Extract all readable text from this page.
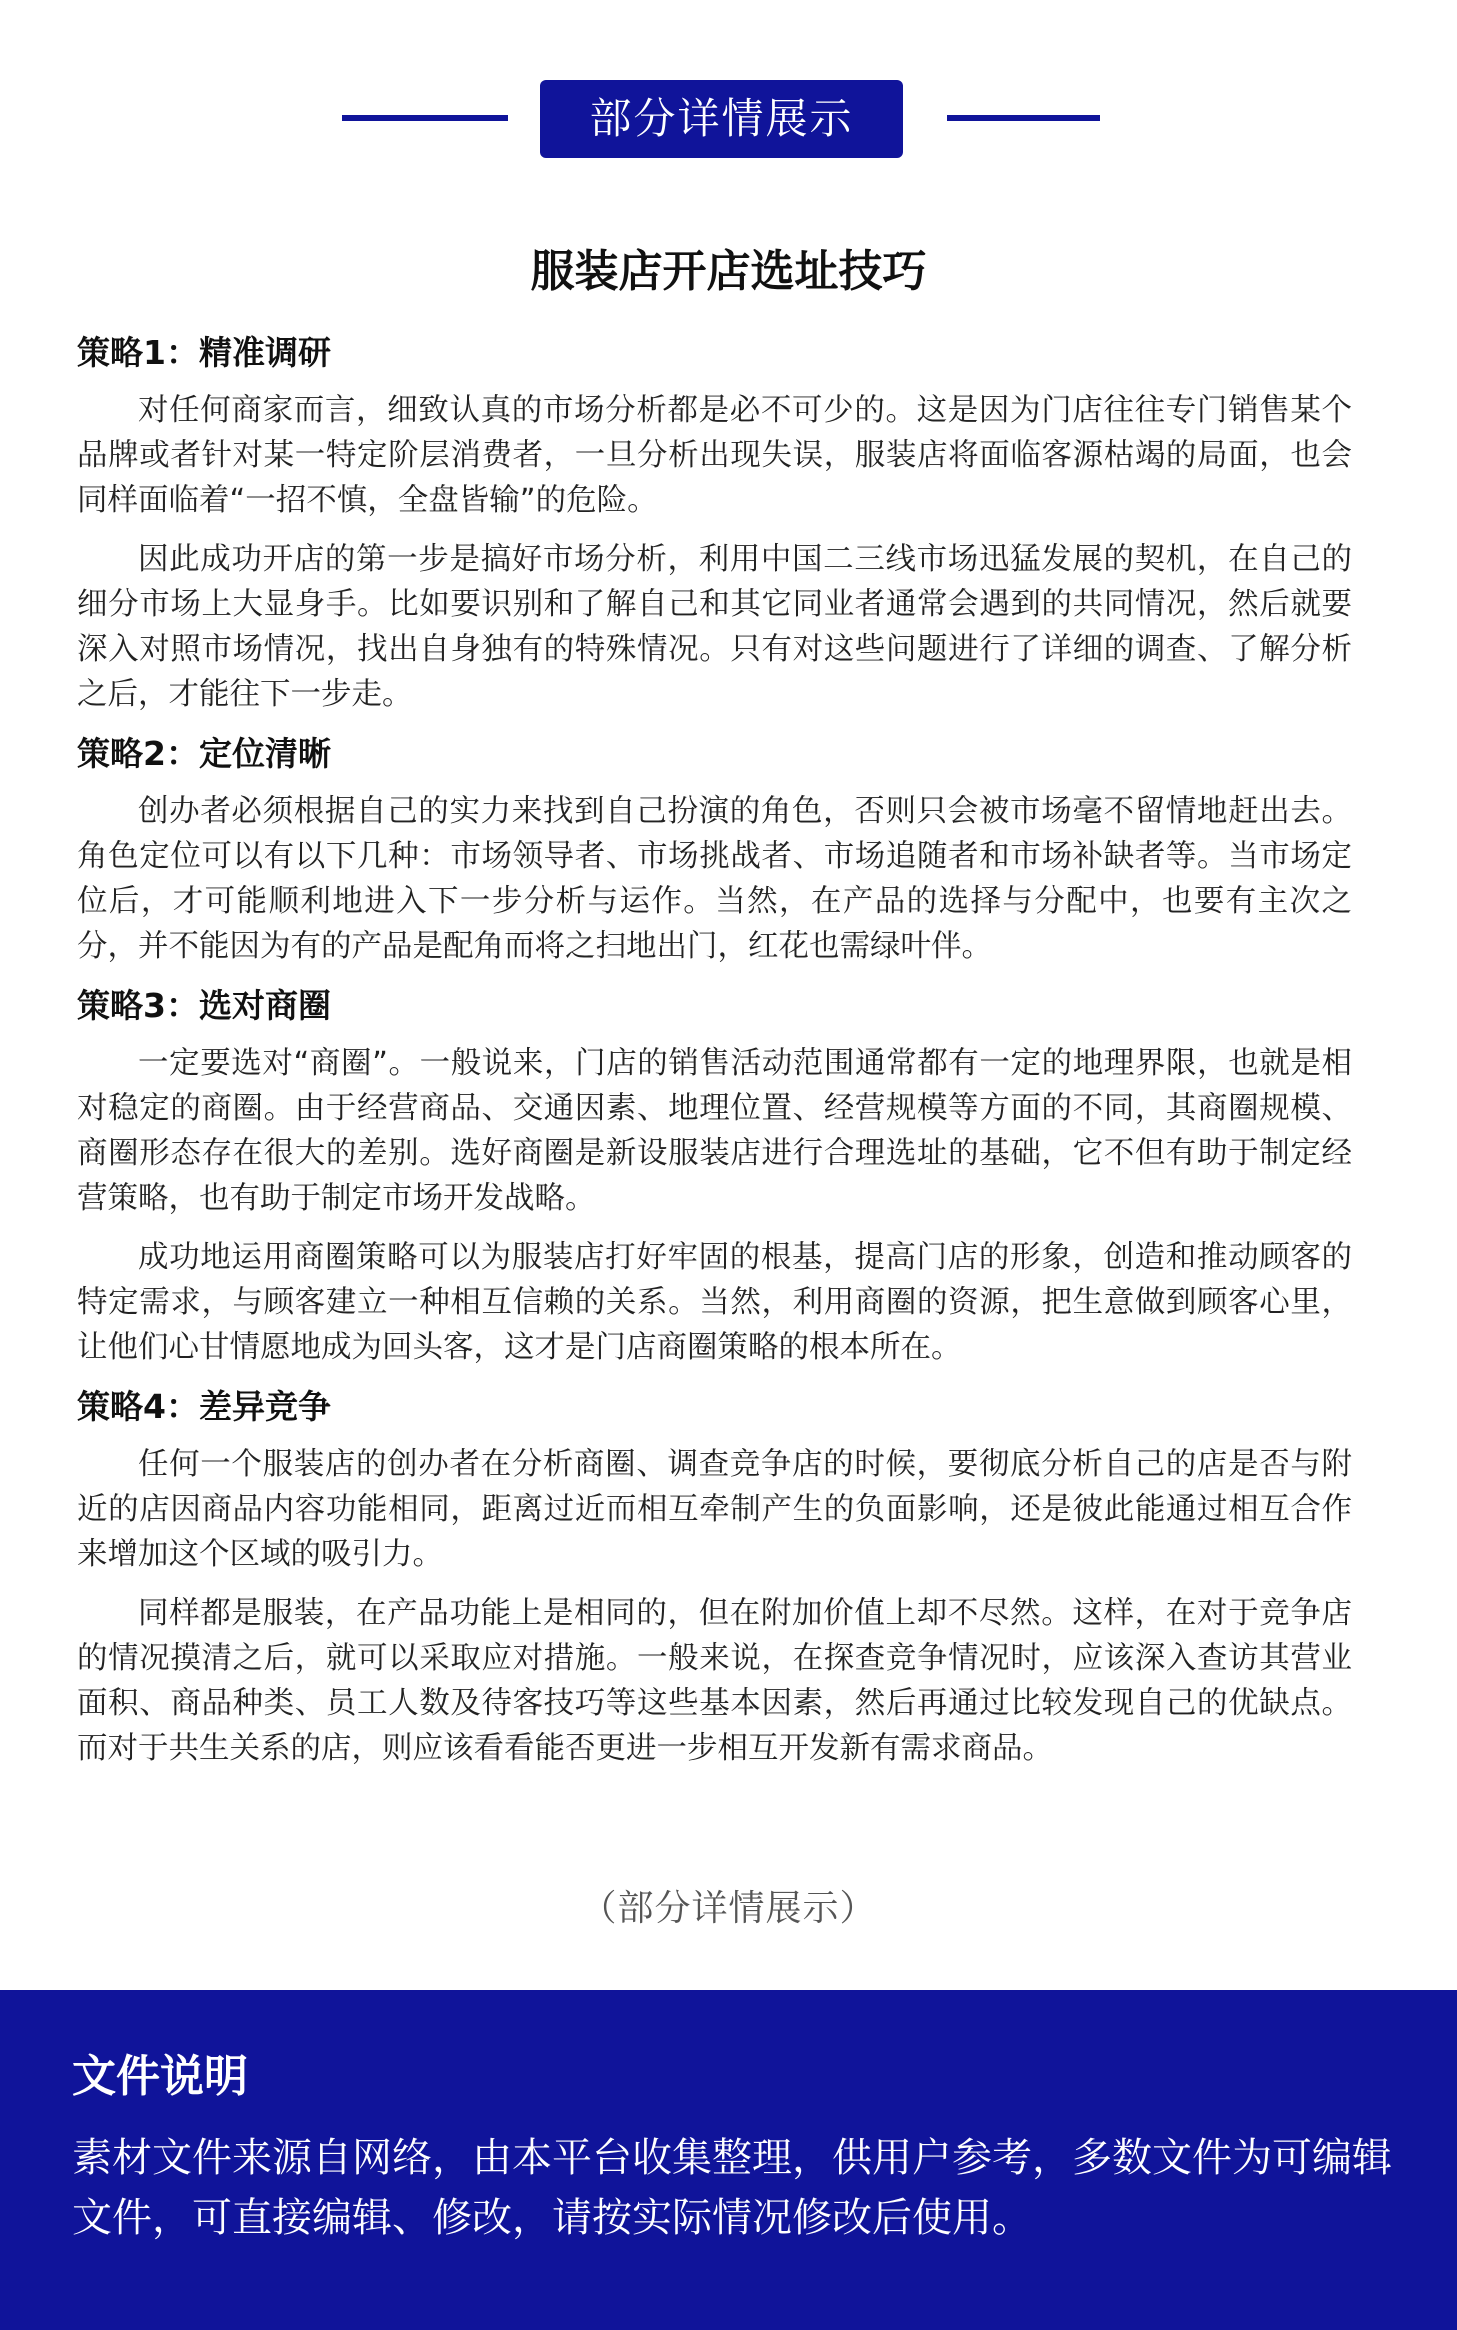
部分详情展示
服装店开店选址技巧
策略1：精准调研

对任何商家而言，细致认真的市场分析都是必不可少的。这是因为门店往往专门销售某个品牌或者针对某一特定阶层消费者，一旦分析出现失误，服装店将面临客源枯竭的局面，也会同样面临着“一招不慎，全盘皆输”的危险。

因此成功开店的第一步是搞好市场分析，利用中国二三线市场迅猛发展的契机，在自己的细分市场上大显身手。比如要识别和了解自己和其它同业者通常会遇到的共同情况，然后就要深入对照市场情况，找出自身独有的特殊情况。只有对这些问题进行了详细的调查、了解分析之后，才能往下一步走。

策略2：定位清晰

创办者必须根据自己的实力来找到自己扮演的角色，否则只会被市场毫不留情地赶出去。角色定位可以有以下几种：市场领导者、市场挑战者、市场追随者和市场补缺者等。当市场定位后，才可能顺利地进入下一步分析与运作。当然，在产品的选择与分配中，也要有主次之分，并不能因为有的产品是配角而将之扫地出门，红花也需绿叶伴。

策略3：选对商圈

一定要选对“商圈”。一般说来，门店的销售活动范围通常都有一定的地理界限，也就是相对稳定的商圈。由于经营商品、交通因素、地理位置、经营规模等方面的不同，其商圈规模、商圈形态存在很大的差别。选好商圈是新设服装店进行合理选址的基础，它不但有助于制定经营策略，也有助于制定市场开发战略。

成功地运用商圈策略可以为服装店打好牢固的根基，提高门店的形象，创造和推动顾客的特定需求，与顾客建立一种相互信赖的关系。当然，利用商圈的资源，把生意做到顾客心里，让他们心甘情愿地成为回头客，这才是门店商圈策略的根本所在。

策略4：差异竞争

任何一个服装店的创办者在分析商圈、调查竞争店的时候，要彻底分析自己的店是否与附近的店因商品内容功能相同，距离过近而相互牵制产生的负面影响，还是彼此能通过相互合作来增加这个区域的吸引力。

同样都是服装，在产品功能上是相同的，但在附加价值上却不尽然。这样，在对于竞争店的情况摸清之后，就可以采取应对措施。一般来说，在探查竞争情况时，应该深入查访其营业面积、商品种类、员工人数及待客技巧等这些基本因素，然后再通过比较发现自己的优缺点。而对于共生关系的店，则应该看看能否更进一步相互开发新有需求商品。

（部分详情展示）
文件说明
素材文件来源自网络，由本平台收集整理，供用户参考，多数文件为可编辑文件，可直接编辑、修改，请按实际情况修改后使用。
